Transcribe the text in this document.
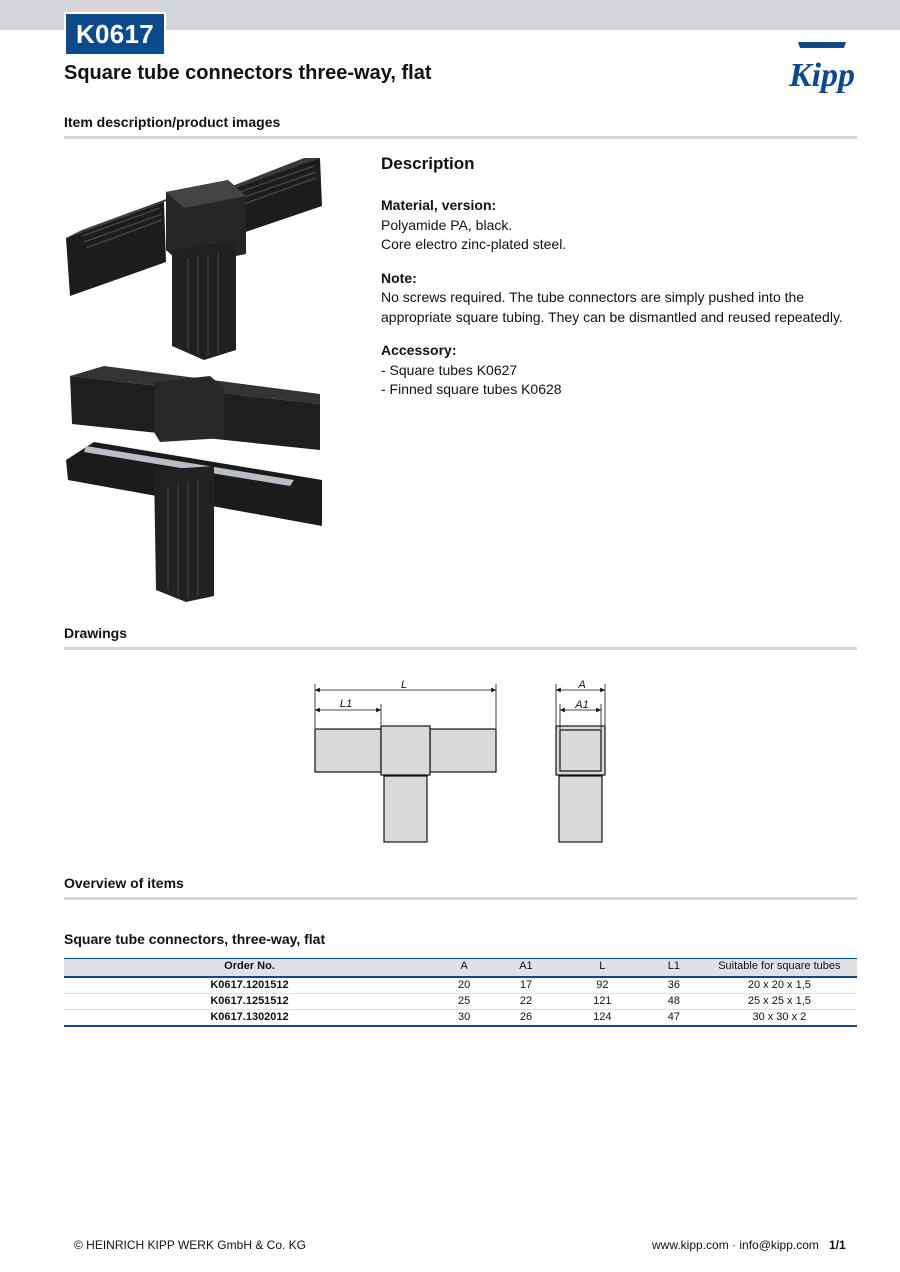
K0617
Square tube connectors three-way, flat	Kipp
Item description/product images
Description
Material, version:
Polyamide PA, black.
Core electro zinc-plated steel.
Note:
No screws required. The tube connectors are simply pushed into the appropriate square tubing. They can be dismantled and reused repeatedly.
Accessory:
- Square tubes K0627
- Finned square tubes K0628
Drawings
L
L1
A
A1
Overview of items
Square tube connectors, three-way, flat
Order No.	A	A1	L	L1	Suitable for square tubes
K0617.1201512	20	17	92	36	20 x 20 x 1,5
K0617.1251512	25	22	121	48	25 x 25 x 1,5
K0617.1302012	30	26	124	47	30 x 30 x 2
© HEINRICH KIPP WERK GmbH & Co. KG	www.kipp.com · info@kipp.com 1/1
